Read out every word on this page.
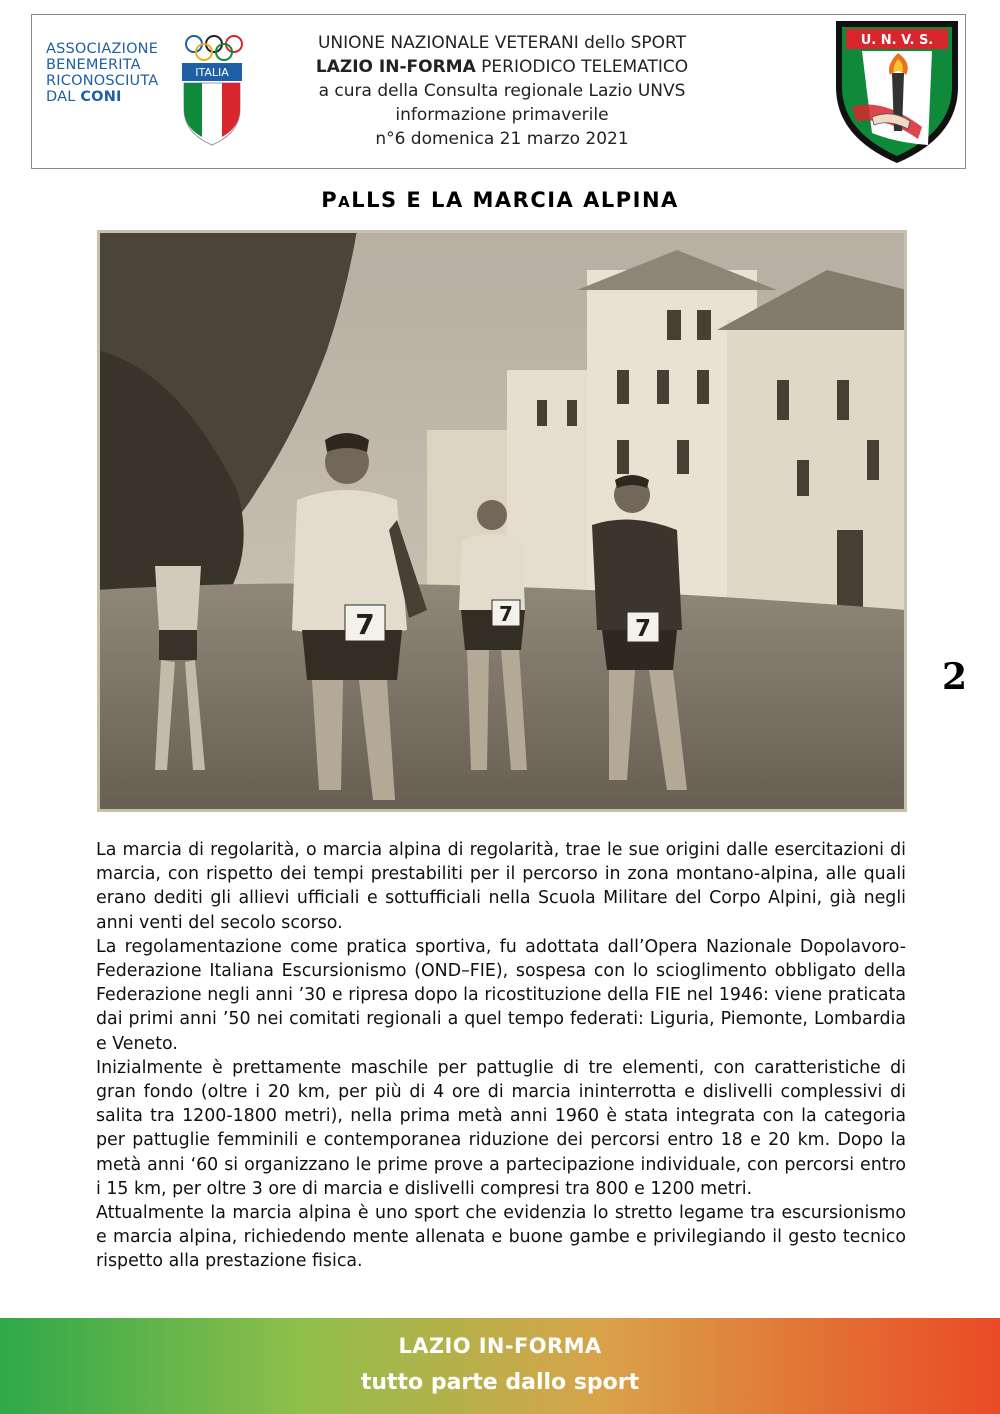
ASSOCIAZIONE
BENEMERITA
RICONOSCIUTA
DAL CONI
ITALIA
UNIONE NAZIONALE VETERANI dello SPORT
LAZIO IN-FORMA PERIODICO TELEMATICO
a cura della Consulta regionale Lazio UNVS
informazione primaverile
n°6 domenica 21 marzo 2021
U. N. V. S.
PaLLS E LA MARCIA ALPINA
7	7
7
2

La marcia di regolarità, o marcia alpina di regolarità, trae le sue origini dalle esercitazioni di marcia, con rispetto dei tempi prestabiliti per il percorso in zona montano-alpina, alle quali erano dediti gli allievi ufficiali e sottufficiali nella Scuola Militare del Corpo Alpini, già negli anni venti del secolo scorso.

La regolamentazione come pratica sportiva, fu adottata dall’Opera Nazionale Dopolavoro-Federazione Italiana Escursionismo (OND–FIE), sospesa con lo scioglimento obbligato della Federazione negli anni ’30 e ripresa dopo la ricostituzione della FIE nel 1946: viene praticata dai primi anni ’50 nei comitati regionali a quel tempo federati: Liguria, Piemonte, Lombardia e Veneto.

Inizialmente è prettamente maschile per pattuglie di tre elementi, con caratteristiche di gran fondo (oltre i 20 km, per più di 4 ore di marcia ininterrotta e dislivelli complessivi di salita tra 1200-1800 metri), nella prima metà anni 1960 è stata integrata con la categoria per pattuglie femminili e contemporanea riduzione dei percorsi entro 18 e 20 km. Dopo la metà anni ‘60 si organizzano le prime prove a partecipazione individuale, con percorsi entro i 15 km, per oltre 3 ore di marcia e dislivelli compresi tra 800 e 1200 metri.

Attualmente la marcia alpina è uno sport che evidenzia lo stretto legame tra escursionismo e marcia alpina, richiedendo mente allenata e buone gambe e privilegiando il gesto tecnico rispetto alla prestazione fisica.

LAZIO IN-FORMA
tutto parte dallo sport
